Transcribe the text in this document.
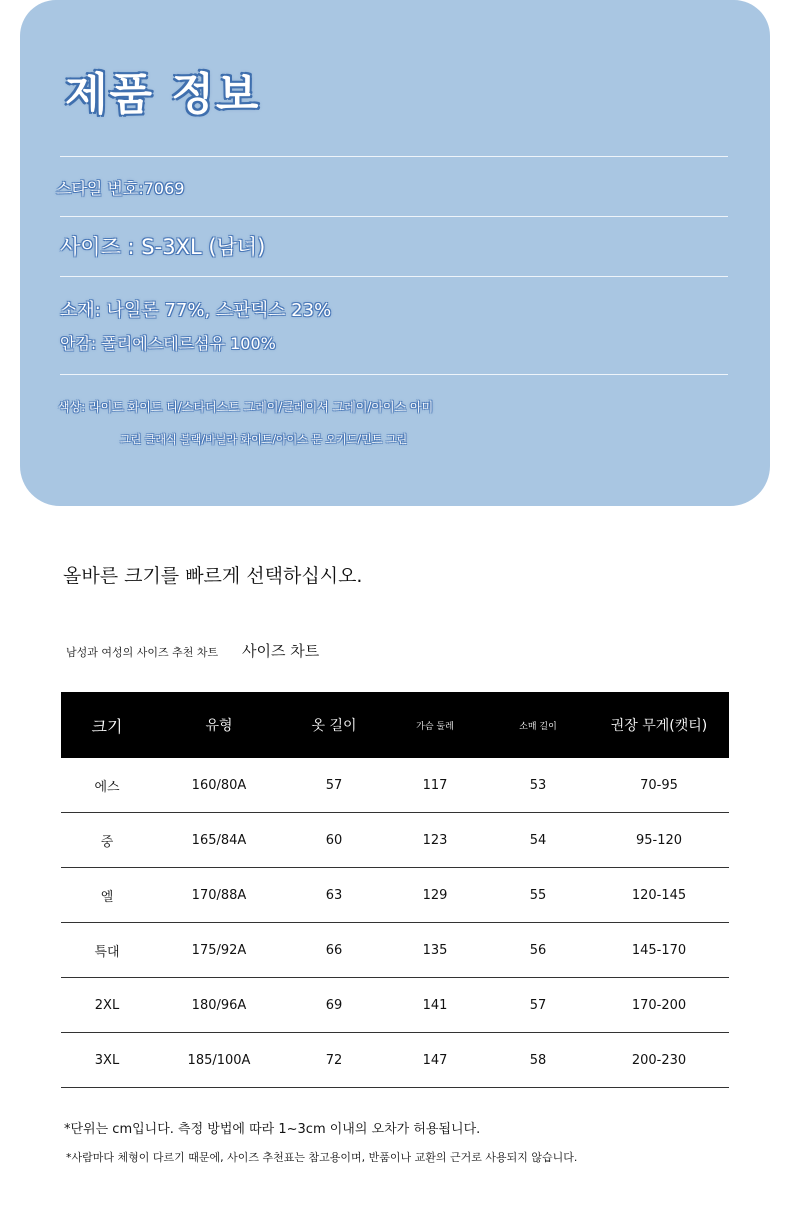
제품 정보
스타일 번호:7069
사이즈 : S-3XL (남녀)
소재: 나일론 77%, 스판덱스 23%
안감: 폴리에스테르섬유 100%
색상: 라이트 화이트 티/스타더스트 그레이/클레이셔 그레이/아이스 아미
그린 클래식 블랙/바닐라 화이트/아이스 문 오키드/민트 그린
올바른 크기를 빠르게 선택하십시오.
남성과 여성의 사이즈 추천 차트 사이즈 차트
크기	유형	옷 길이	가슴 둘레	소매 길이	권장 무게(캣티)
에스	160/80A	57	117	53	70-95
중	165/84A	60	123	54	95-120
엘	170/88A	63	129	55	120-145
특대	175/92A	66	135	56	145-170
2XL	180/96A	69	141	57	170-200
3XL	185/100A	72	147	58	200-230
*단위는 cm입니다. 측정 방법에 따라 1~3cm 이내의 오차가 허용됩니다.
*사람마다 체형이 다르기 때문에, 사이즈 추천표는 참고용이며, 반품이나 교환의 근거로 사용되지 않습니다.
